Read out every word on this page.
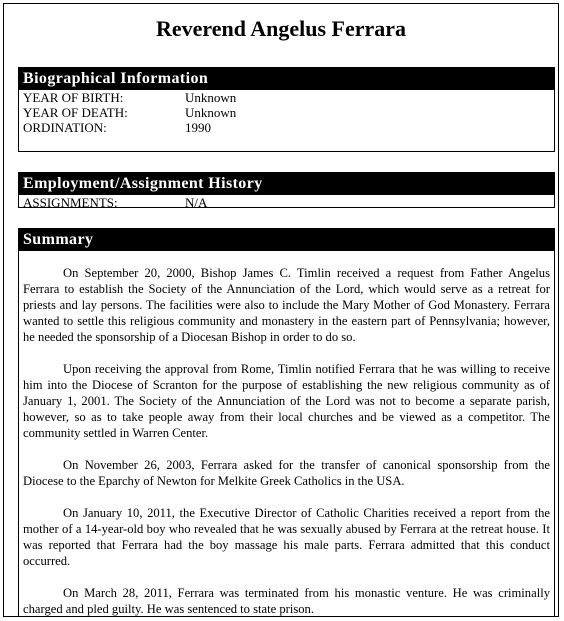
Reverend Angelus Ferrara
Biographical Information
YEAR OF BIRTH:	Unknown
YEAR OF DEATH:	Unknown
ORDINATION:	1990
Employment/Assignment History
ASSIGNMENTS:	N/A
Summary

On September 20, 2000, Bishop James C. Timlin received a request from Father Angelus Ferrara to establish the Society of the Annunciation of the Lord, which would serve as a retreat for priests and lay persons. The facilities were also to include the Mary Mother of God Monastery. Ferrara wanted to settle this religious community and monastery in the eastern part of Pennsylvania; however, he needed the sponsorship of a Diocesan Bishop in order to do so.

Upon receiving the approval from Rome, Timlin notified Ferrara that he was willing to receive him into the Diocese of Scranton for the purpose of establishing the new religious community as of January 1, 2001. The Society of the Annunciation of the Lord was not to become a separate parish, however, so as to take people away from their local churches and be viewed as a competitor. The community settled in Warren Center.

On November 26, 2003, Ferrara asked for the transfer of canonical sponsorship from the Diocese to the Eparchy of Newton for Melkite Greek Catholics in the USA.

On January 10, 2011, the Executive Director of Catholic Charities received a report from the mother of a 14-year-old boy who revealed that he was sexually abused by Ferrara at the retreat house. It was reported that Ferrara had the boy massage his male parts. Ferrara admitted that this conduct occurred.

On March 28, 2011, Ferrara was terminated from his monastic venture. He was criminally charged and pled guilty. He was sentenced to state prison.
